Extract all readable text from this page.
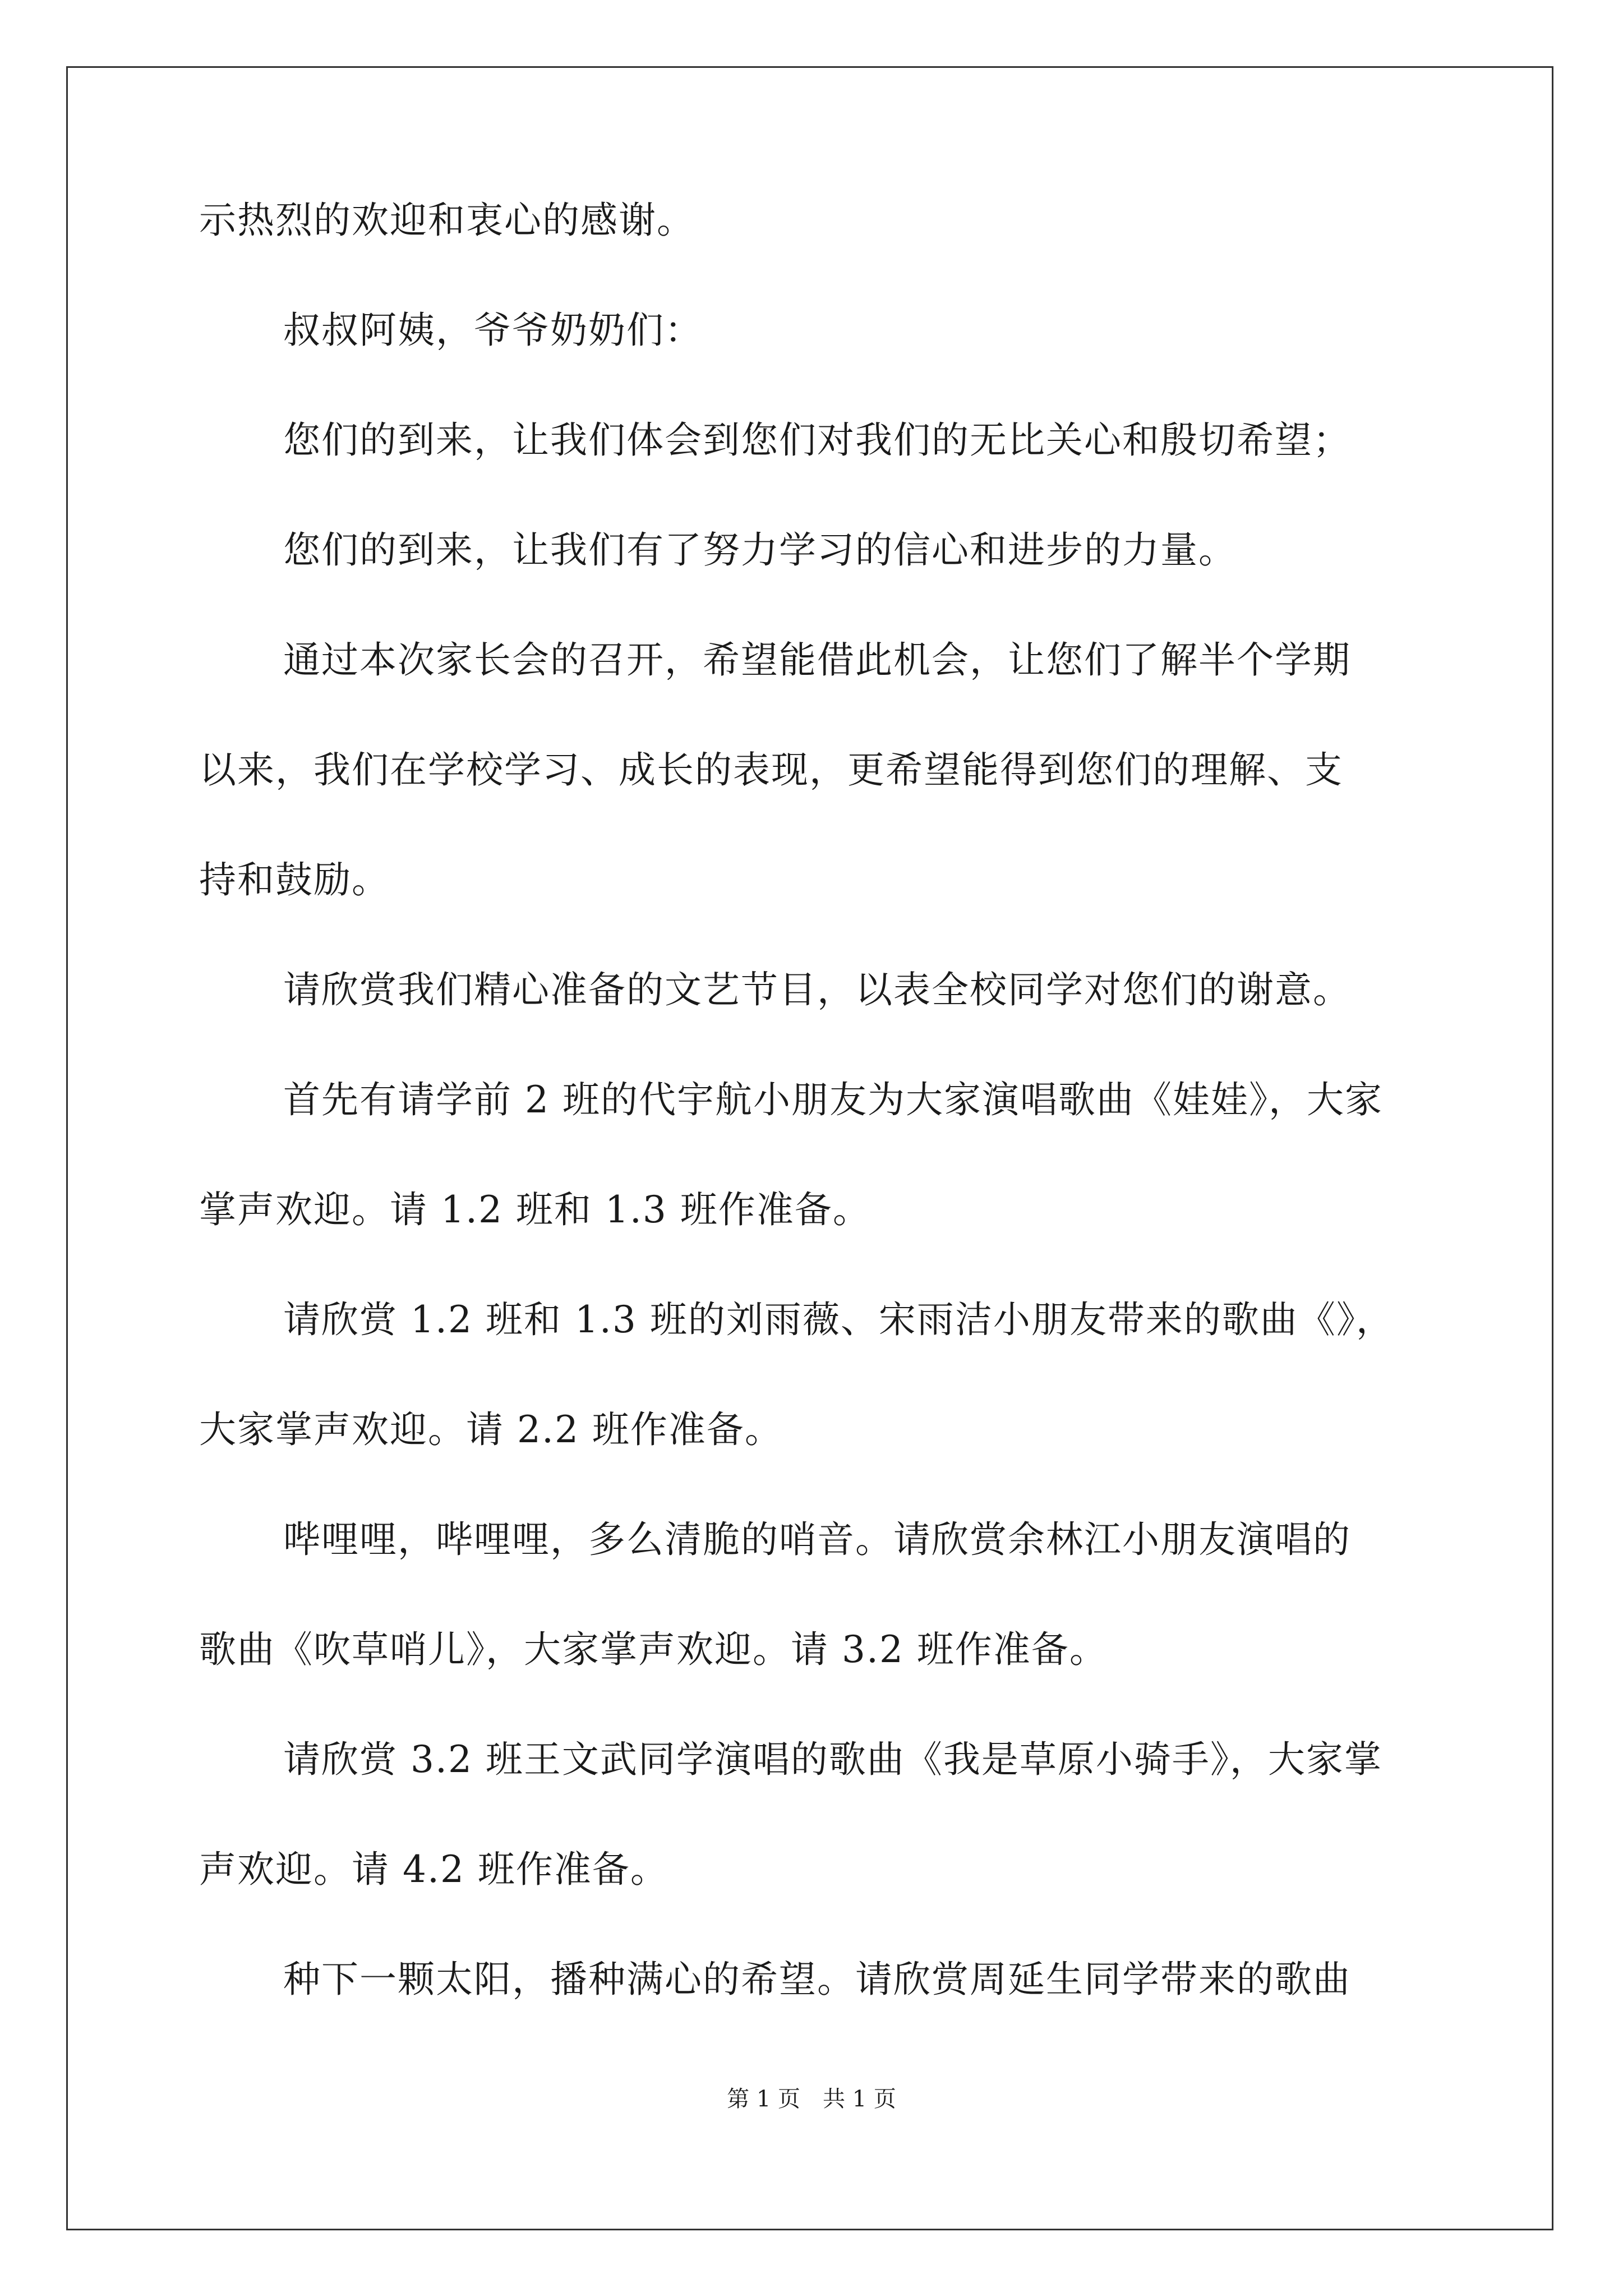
示热烈的欢迎和衷心的感谢。
叔叔阿姨，爷爷奶奶们：
您们的到来，让我们体会到您们对我们的无比关心和殷切希望；
您们的到来，让我们有了努力学习的信心和进步的力量。
通过本次家长会的召开，希望能借此机会，让您们了解半个学期
以来，我们在学校学习、成长的表现，更希望能得到您们的理解、支
持和鼓励。
请欣赏我们精心准备的文艺节目，以表全校同学对您们的谢意。
首先有请学前 2 班的代宇航小朋友为大家演唱歌曲《娃娃》，大家
掌声欢迎。请 1.2 班和 1.3 班作准备。
请欣赏 1.2 班和 1.3 班的刘雨薇、宋雨洁小朋友带来的歌曲《》，
大家掌声欢迎。请 2.2 班作准备。
哔哩哩，哔哩哩，多么清脆的哨音。请欣赏余林江小朋友演唱的
歌曲《吹草哨儿》，大家掌声欢迎。请 3.2 班作准备。
请欣赏 3.2 班王文武同学演唱的歌曲《我是草原小骑手》，大家掌
声欢迎。请 4.2 班作准备。
种下一颗太阳，播种满心的希望。请欣赏周延生同学带来的歌曲
第 1 页　共 1 页
